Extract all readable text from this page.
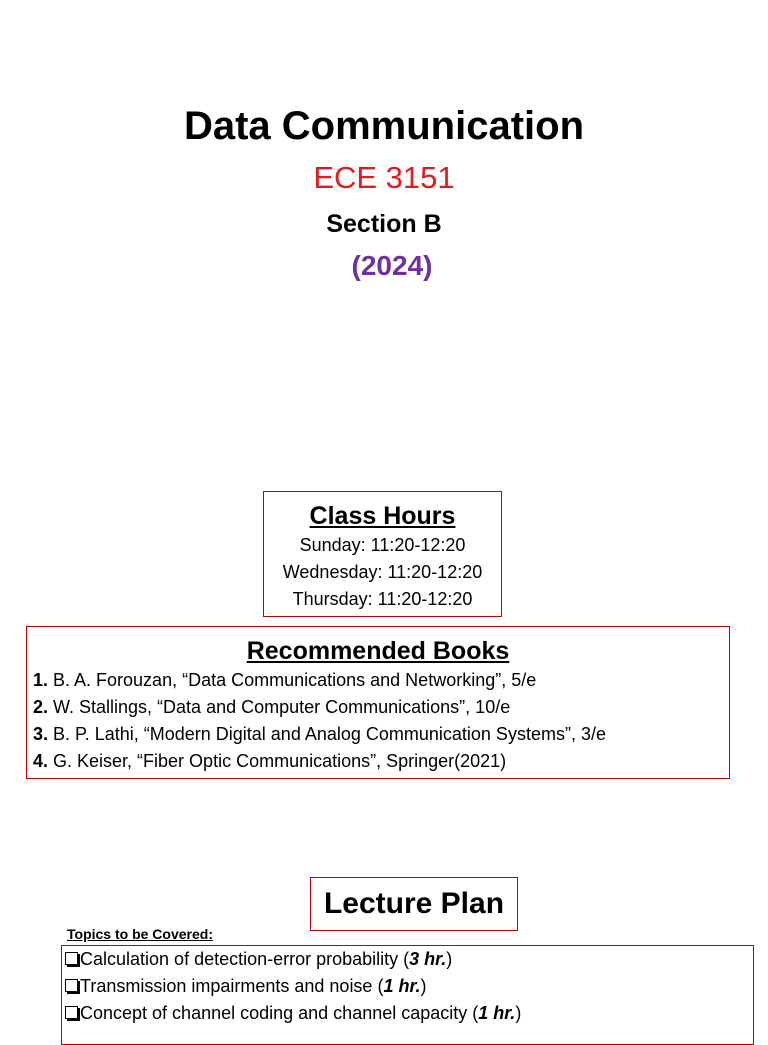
Data Communication
ECE 3151
Section B
(2024)
Class Hours
Sunday: 11:20-12:20
Wednesday: 11:20-12:20
Thursday: 11:20-12:20
Recommended Books
1. B. A. Forouzan, “Data Communications and Networking”, 5/e
2. W. Stallings, “Data and Computer Communications”, 10/e
3. B. P. Lathi, “Modern Digital and Analog Communication Systems”, 3/e
4. G. Keiser, “Fiber Optic Communications”, Springer(2021)
Lecture Plan
Topics to be Covered:
Calculation of detection-error probability (3 hr.)
Transmission impairments and noise (1 hr.)
Concept of channel coding and channel capacity (1 hr.)
